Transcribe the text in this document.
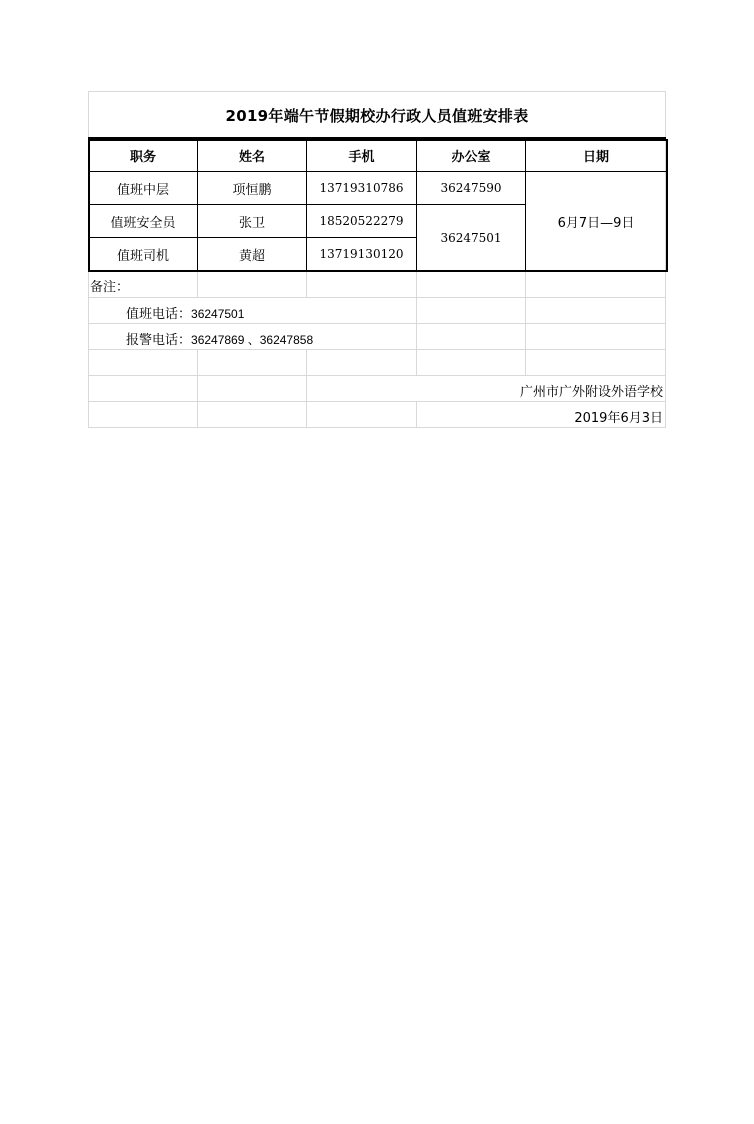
2019年端午节假期校办行政人员值班安排表
职务	姓名	手机	办公室	日期
值班中层	项恒鹏	13719310786	36247590	6月7日—9日
值班安全员	张卫	18520522279	36247501	
值班司机	黄超	13719130120		
备注：
值班电话：36247501
报警电话：36247869 、36247858
广州市广外附设外语学校
2019年6月3日
